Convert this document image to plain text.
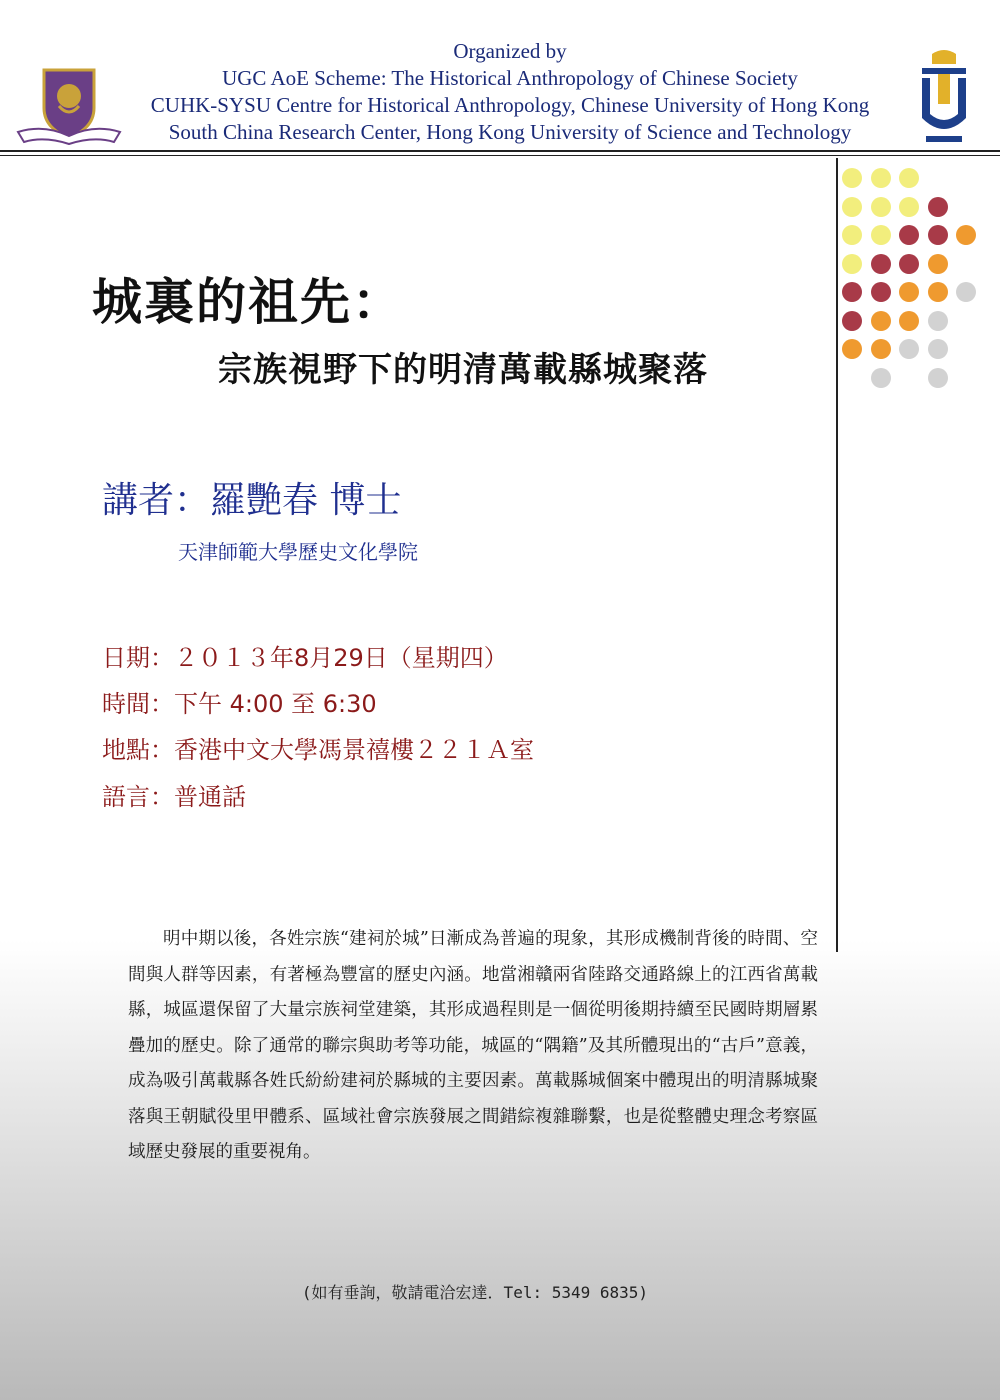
Organized by
UGC AoE Scheme: The Historical Anthropology of Chinese Society
CUHK-SYSU Centre for Historical Anthropology, Chinese University of Hong Kong
South China Research Center, Hong Kong University of Science and Technology
城裏的祖先：
宗族視野下的明清萬載縣城聚落
講者：羅艷春 博士
天津師範大學歷史文化學院
日期：２０１３年8月29日（星期四）
時間：下午 4:00 至 6:30
地點：香港中文大學馮景禧樓２２１Ａ室
語言：普通話
明中期以後，各姓宗族“建祠於城”日漸成為普遍的現象，其形成機制背後的時間、空間與人群等因素，有著極為豐富的歷史內涵。地當湘贛兩省陸路交通路線上的江西省萬載縣，城區還保留了大量宗族祠堂建築，其形成過程則是一個從明後期持續至民國時期層累疊加的歷史。除了通常的聯宗與助考等功能，城區的“隅籍”及其所體現出的“古戶”意義，成為吸引萬載縣各姓氏紛紛建祠於縣城的主要因素。萬載縣城個案中體現出的明清縣城聚落與王朝賦役里甲體系、區域社會宗族發展之間錯綜複雜聯繫，也是從整體史理念考察區域歷史發展的重要視角。
(如有垂詢，敬請電洽宏達．Tel: 5349 6835)
